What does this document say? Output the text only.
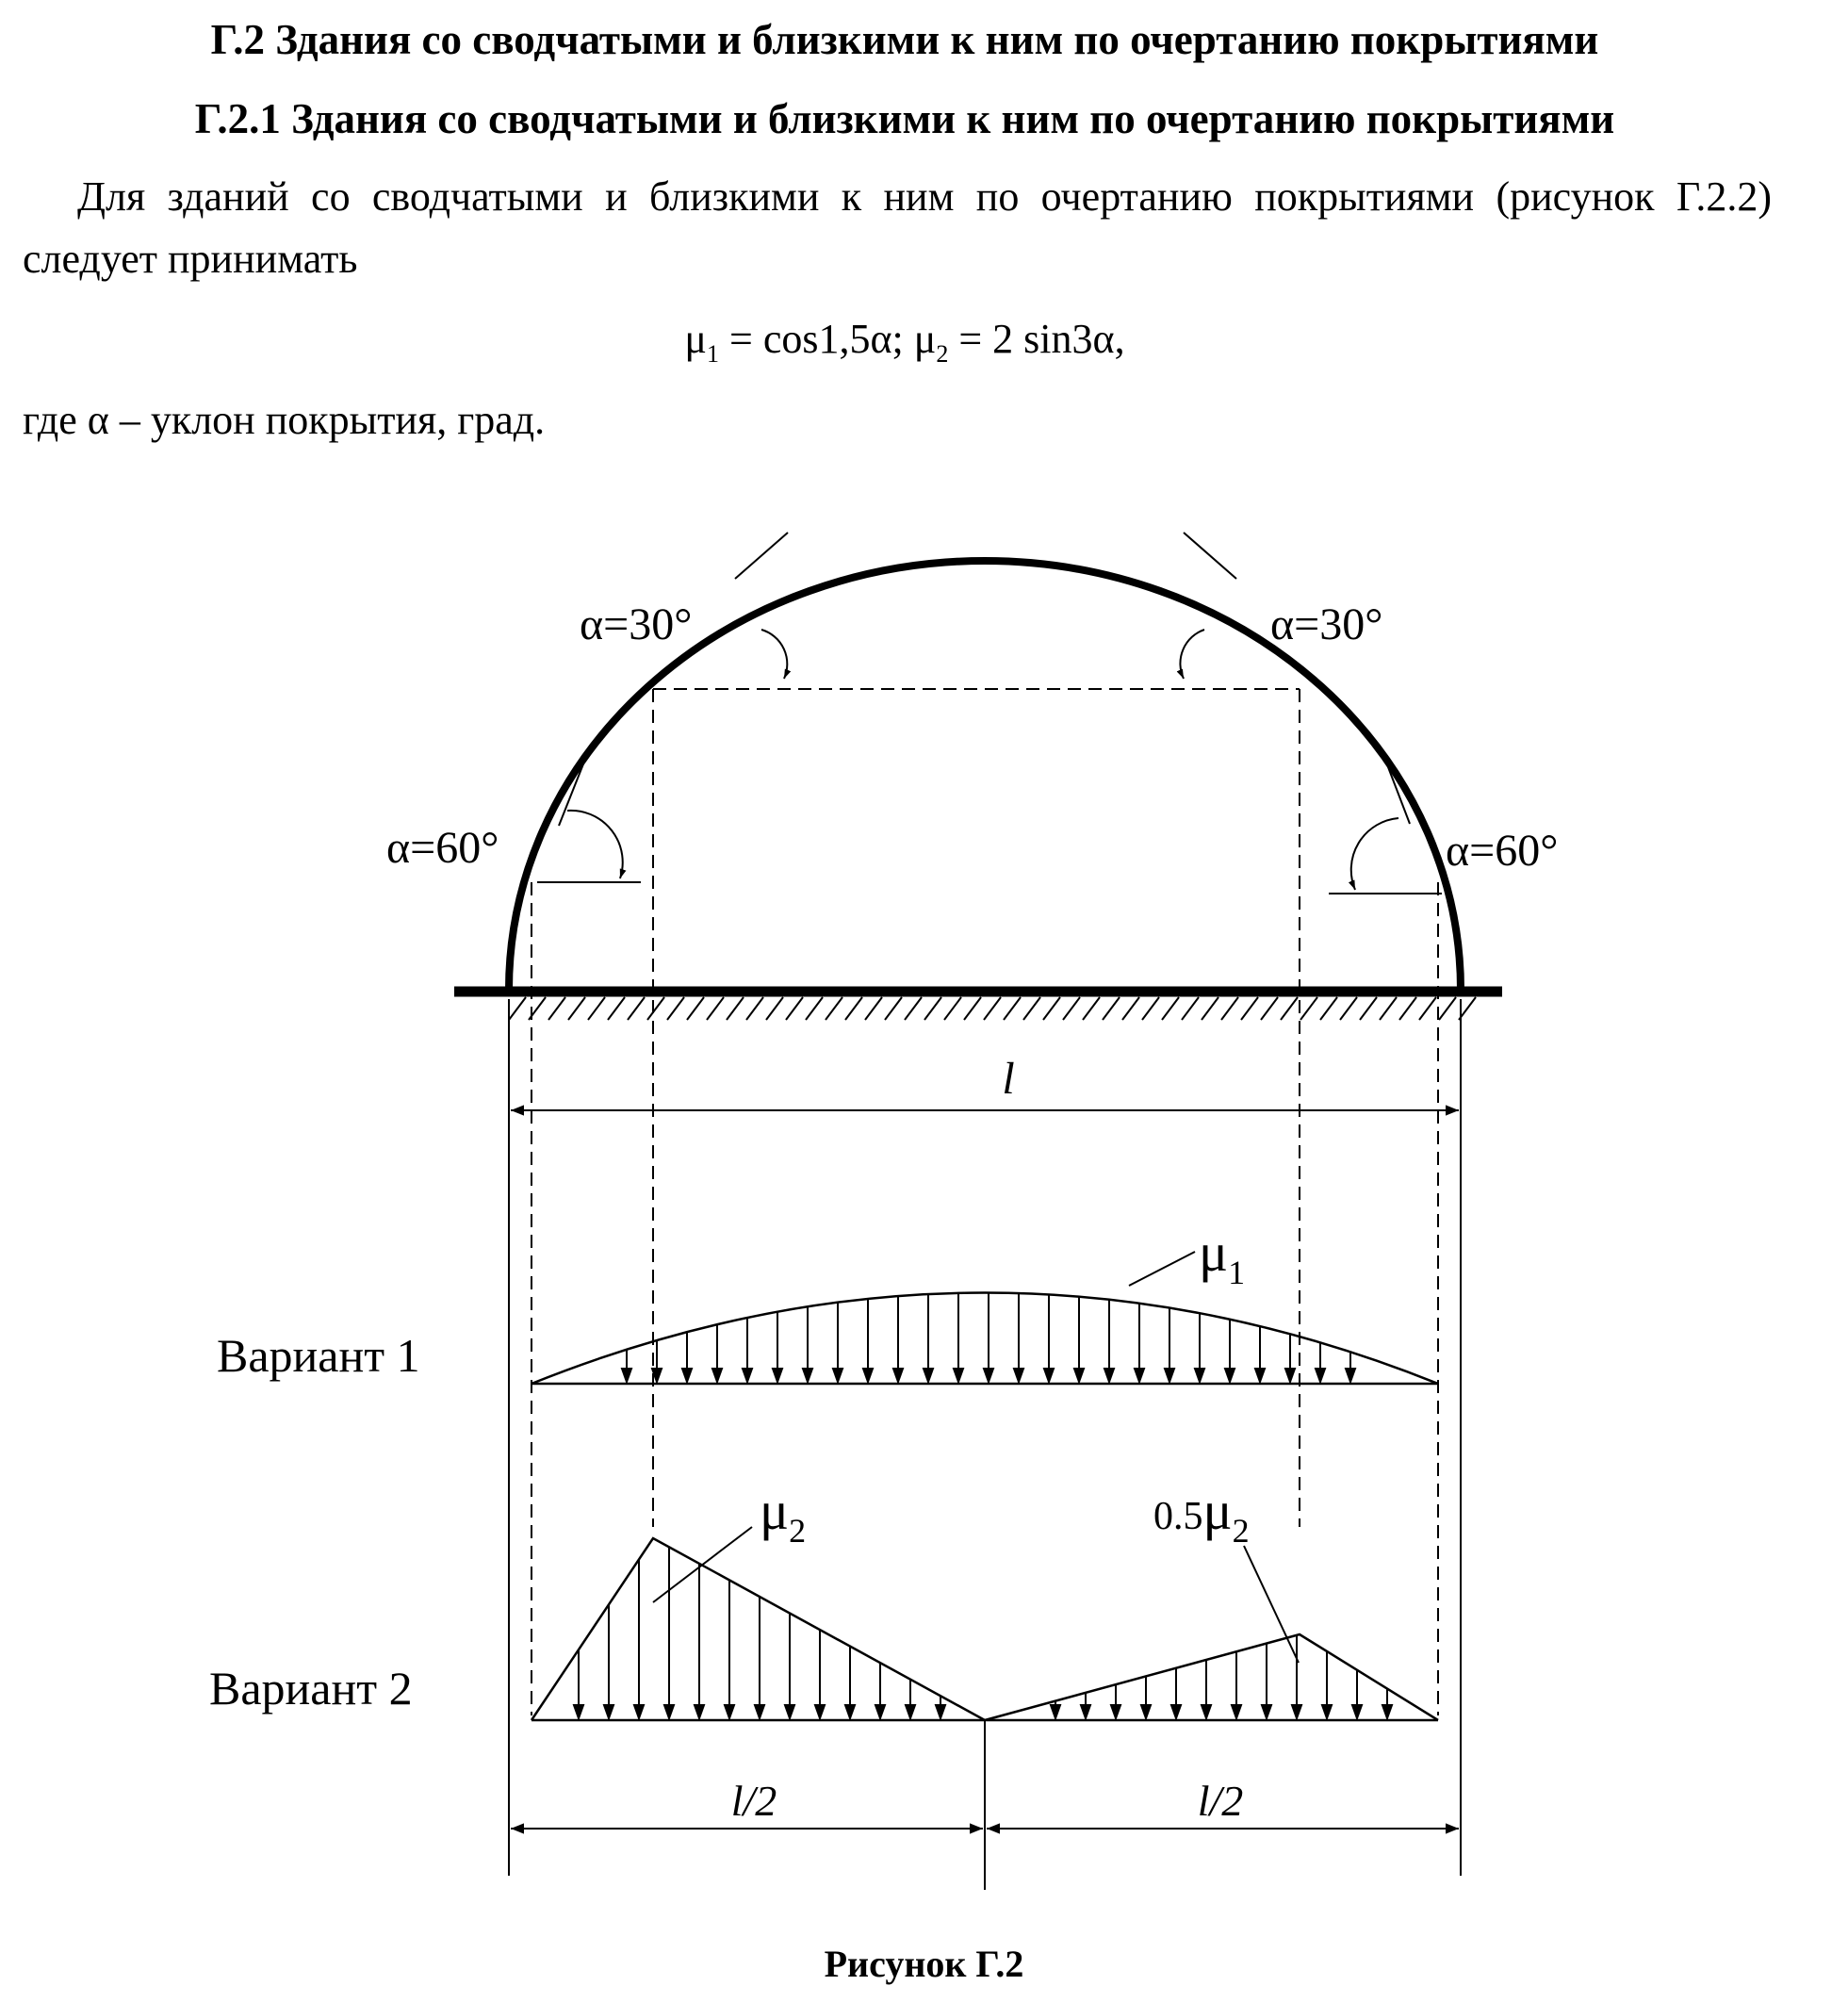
Г.2 Здания со сводчатыми и близкими к ним по очертанию покрытиями
Г.2.1 Здания со сводчатыми и близкими к ним по очертанию покрытиями
Для зданий со сводчатыми и близкими к ним по очертанию покрытиями (рисунок Г.2.2) следует принимать
$\mu_1 = \cos 1,5\alpha$; $\mu_2 = 2$ sin3α,
где α – уклон покрытия, град.
l
$\mu_1$
$\mu_2$	$0.5\mu_2$
l/2	l/2
α=30°	α=30°
α=60°	α=60°
Вариант 1
Вариант 2
Рисунок Г.2
